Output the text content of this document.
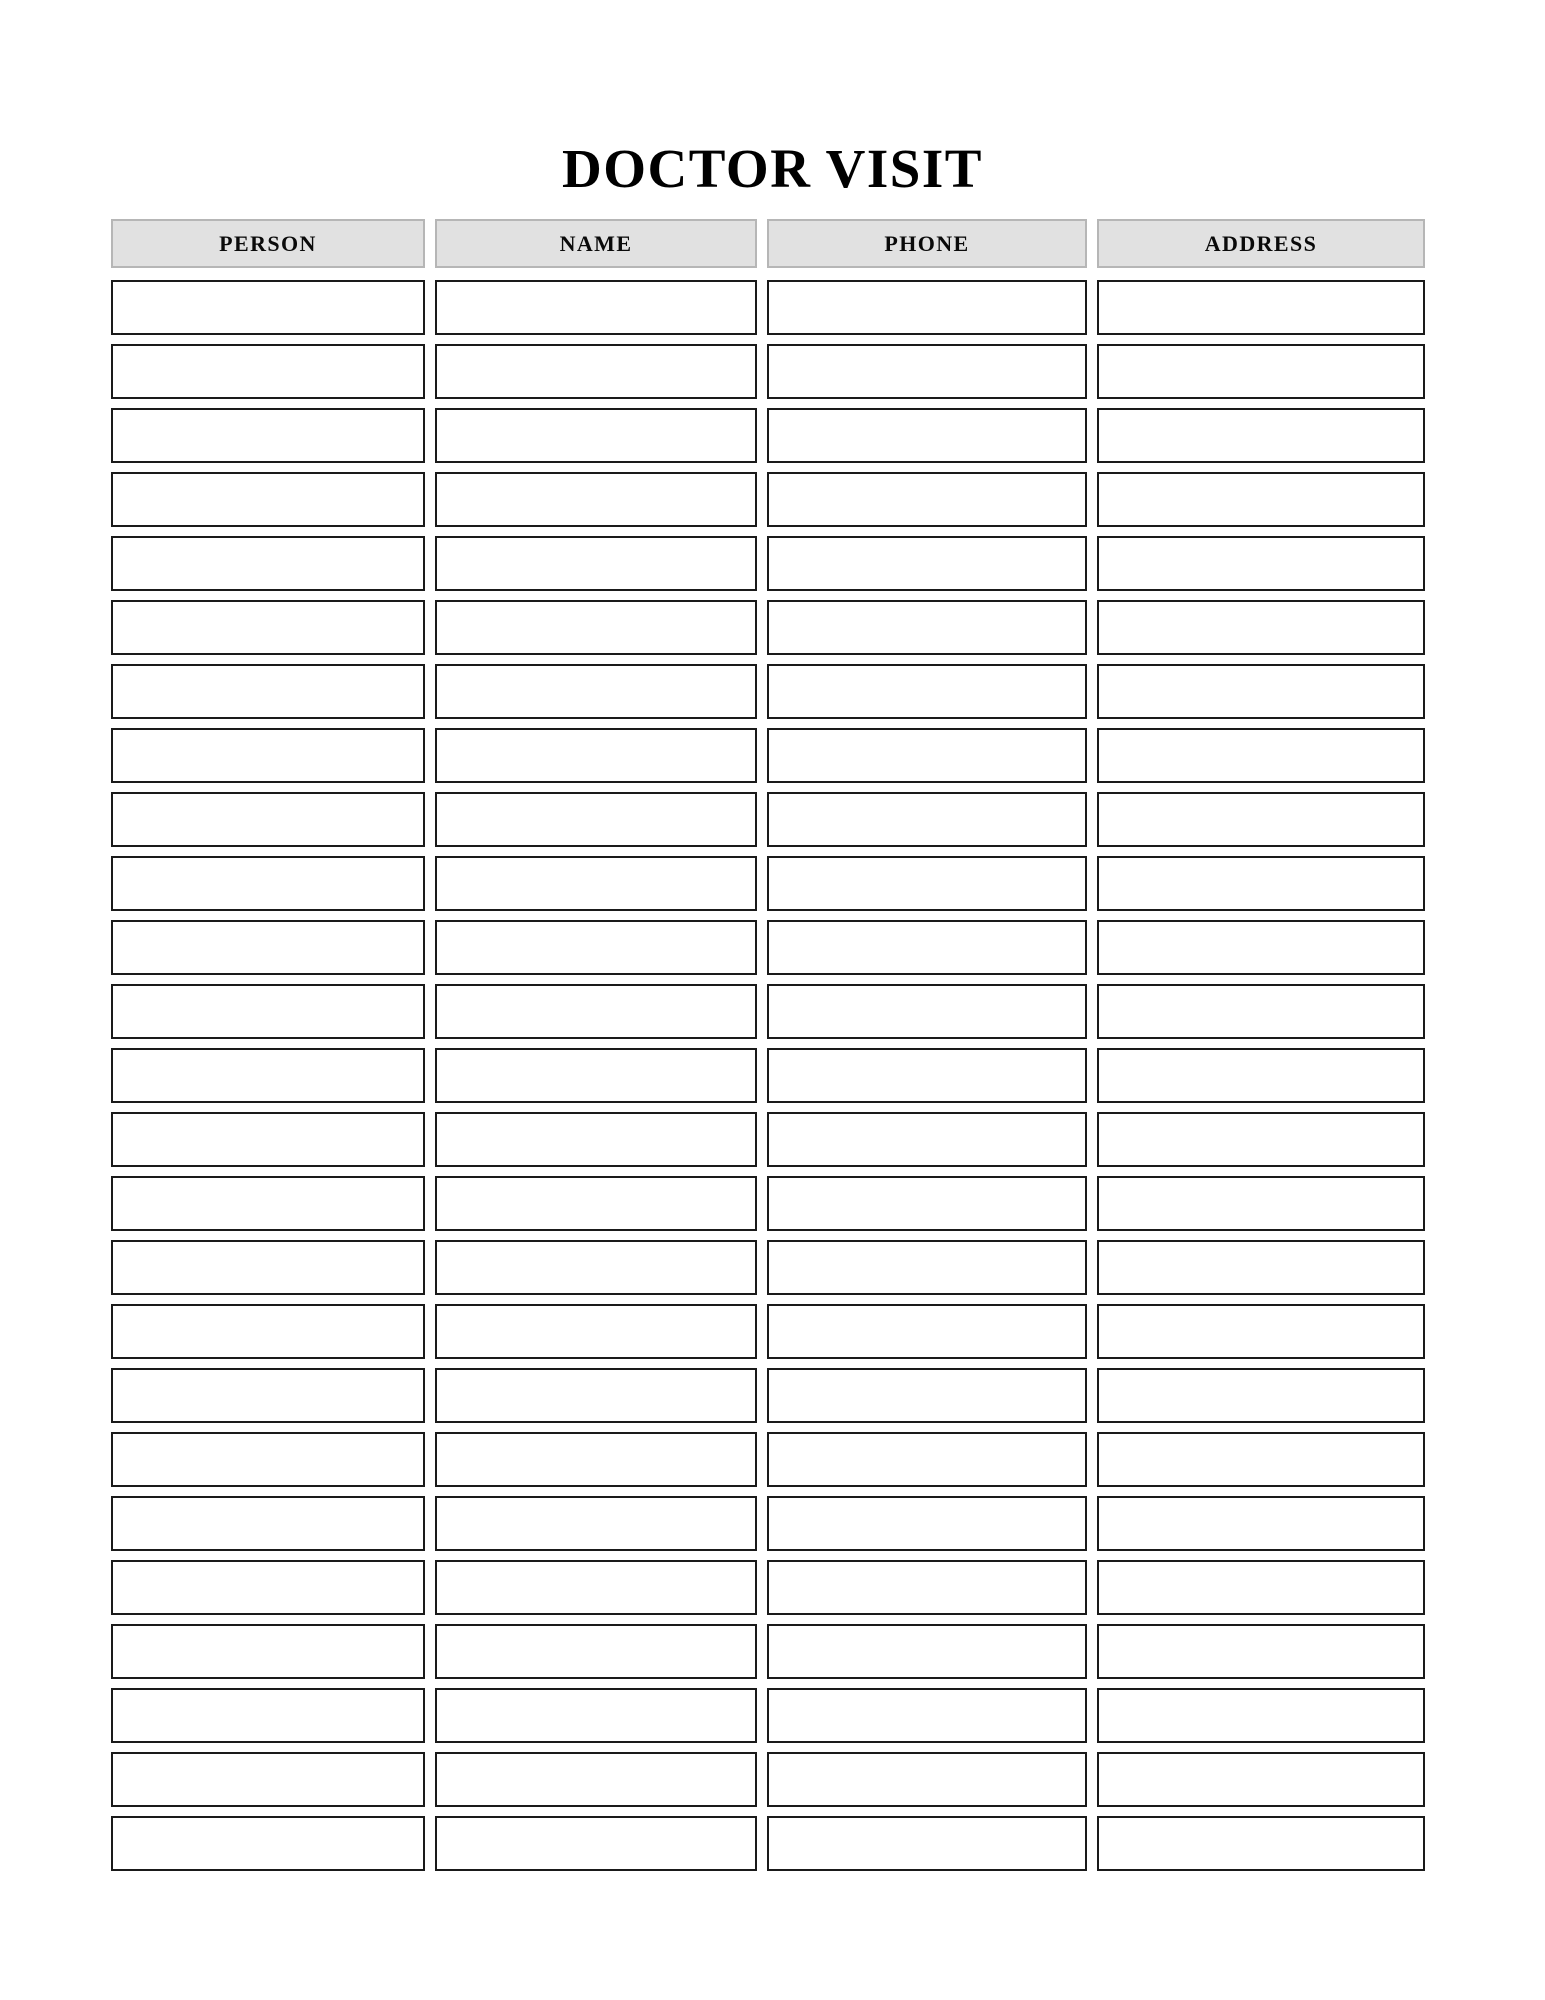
DOCTOR VISIT
PERSON	NAME	PHONE	ADDRESS
